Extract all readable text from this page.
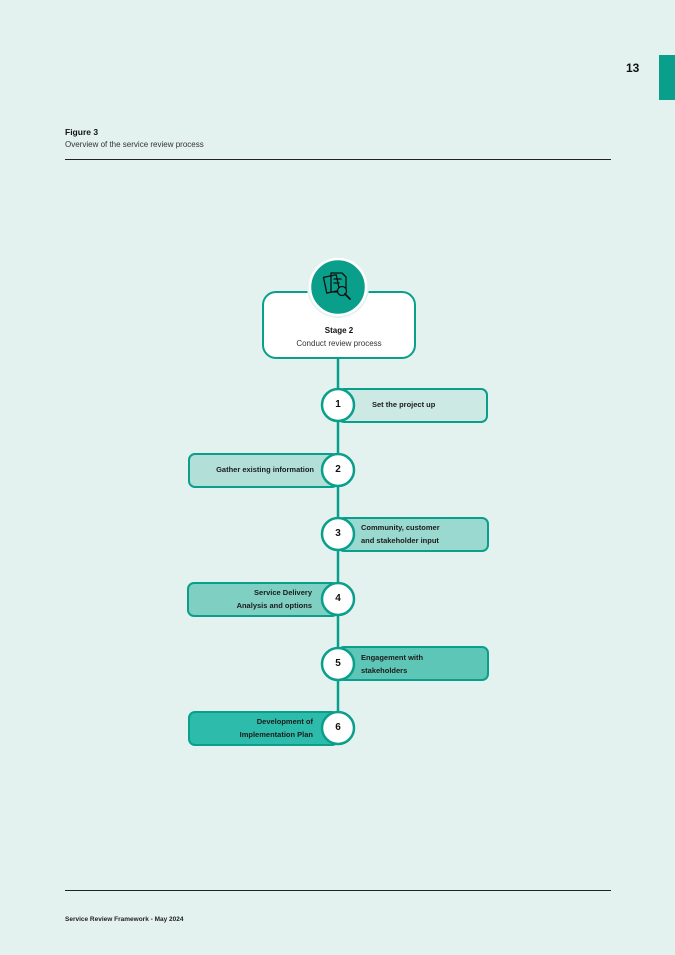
13
Figure 3
Overview of the service review process
Stage 2
Conduct review process
1
2
3
4
5
6
Set the project up
Gather existing information
Community, customer
and stakeholder input
Service Delivery
Analysis and options
Engagement with
stakeholders
Development of
Implementation Plan
Service Review Framework - May 2024
